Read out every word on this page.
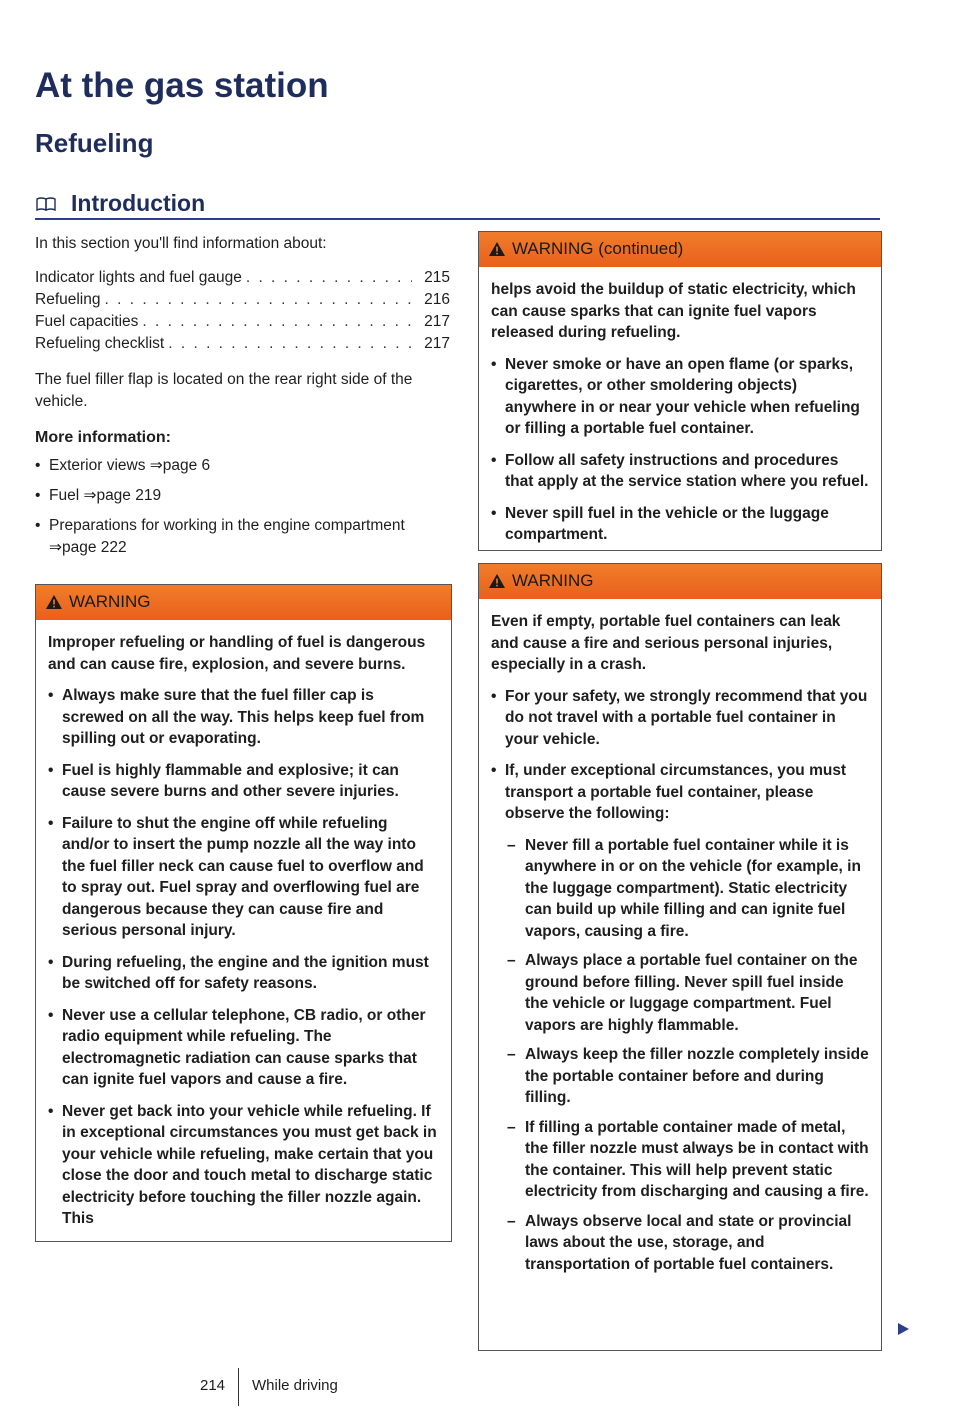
At the gas station
Refueling
Introduction

In this section you'll find information about:

Indicator lights and fuel gauge . . .	215
Refueling . . .	216
Fuel capacities . . .	217
Refueling checklist . . .	217

The fuel filler flap is located on the rear right side of the vehicle.

More information:
• Exterior views ⇒page 6
• Fuel ⇒page 219
• Preparations for working in the engine compartment ⇒page 222
WARNING

Improper refueling or handling of fuel is dangerous and can cause fire, explosion, and severe burns.

• Always make sure that the fuel filler cap is screwed on all the way. This helps keep fuel from spilling out or evaporating.
• Fuel is highly flammable and explosive; it can cause severe burns and other severe injuries.
• Failure to shut the engine off while refueling and/or to insert the pump nozzle all the way into the fuel filler neck can cause fuel to overflow and to spray out. Fuel spray and overflowing fuel are dangerous because they can cause fire and serious personal injury.
• During refueling, the engine and the ignition must be switched off for safety reasons.
• Never use a cellular telephone, CB radio, or other radio equipment while refueling. The electromagnetic radiation can cause sparks that can ignite fuel vapors and cause a fire.
• Never get back into your vehicle while refueling. If in exceptional circumstances you must get back in your vehicle while refueling, make certain that you close the door and touch metal to discharge static electricity before touching the filler nozzle again. This
WARNING (continued)

helps avoid the buildup of static electricity, which can cause sparks that can ignite fuel vapors released during refueling.

• Never smoke or have an open flame (or sparks, cigarettes, or other smoldering objects) anywhere in or near your vehicle when refueling or filling a portable fuel container.
• Follow all safety instructions and procedures that apply at the service station where you refuel.
• Never spill fuel in the vehicle or the luggage compartment.
WARNING

Even if empty, portable fuel containers can leak and cause a fire and serious personal injuries, especially in a crash.

• For your safety, we strongly recommend that you do not travel with a portable fuel container in your vehicle.
• If, under exceptional circumstances, you must transport a portable fuel container, please observe the following:
– Never fill a portable fuel container while it is anywhere in or on the vehicle (for example, in the luggage compartment). Static electricity can build up while filling and can ignite fuel vapors, causing a fire.
– Always place a portable fuel container on the ground before filling. Never spill fuel inside the vehicle or luggage compartment. Fuel vapors are highly flammable.
– Always keep the filler nozzle completely inside the portable container before and during filling.
– If filling a portable container made of metal, the filler nozzle must always be in contact with the container. This will help prevent static electricity from discharging and causing a fire.
– Always observe local and state or provincial laws about the use, storage, and transportation of portable fuel containers.
214 While driving
